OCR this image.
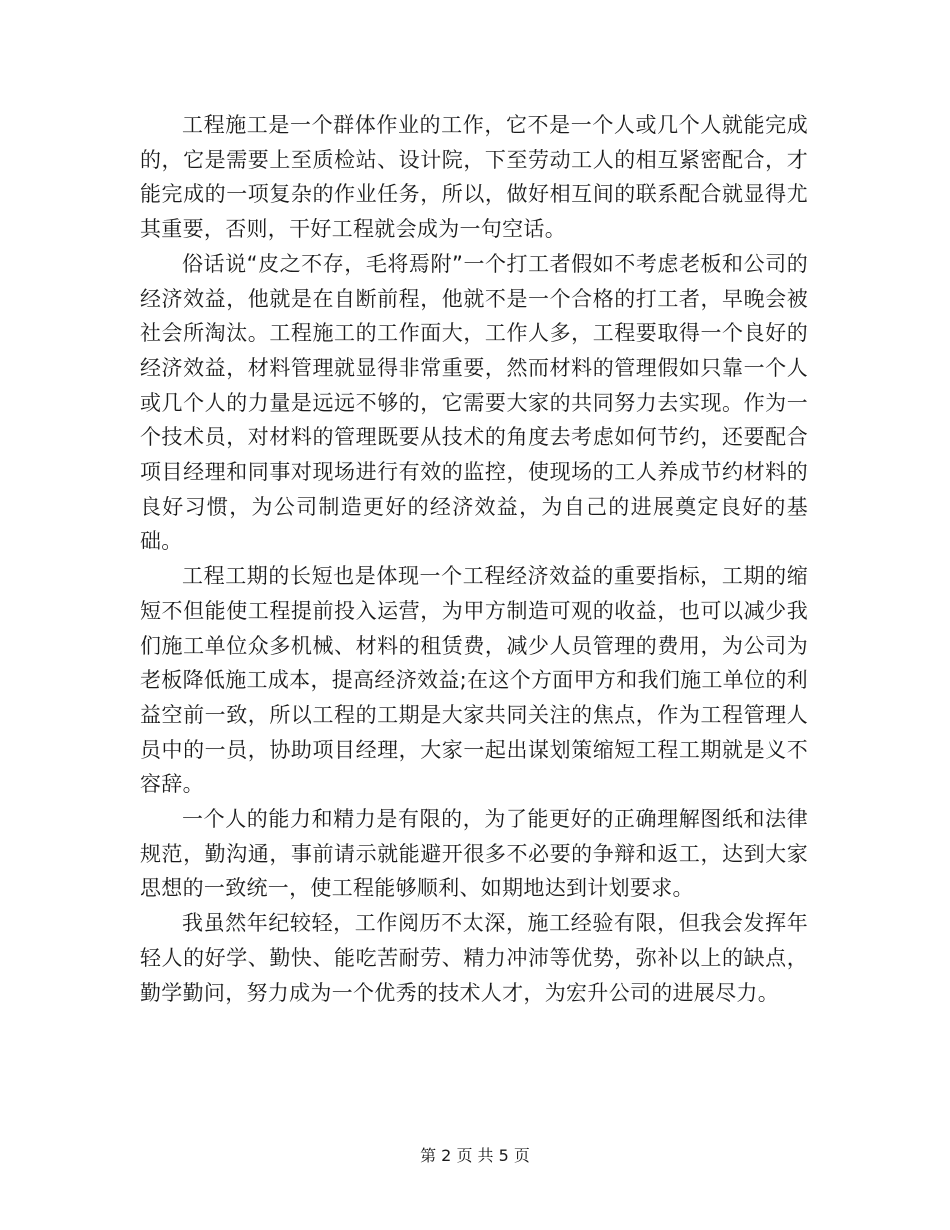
工程施工是一个群体作业的工作，它不是一个人或几个人就能完成的，它是需要上至质检站、设计院，下至劳动工人的相互紧密配合，才能完成的一项复杂的作业任务，所以，做好相互间的联系配合就显得尤其重要，否则，干好工程就会成为一句空话。

俗话说“皮之不存，毛将焉附”一个打工者假如不考虑老板和公司的经济效益，他就是在自断前程，他就不是一个合格的打工者，早晚会被社会所淘汰。工程施工的工作面大，工作人多，工程要取得一个良好的经济效益，材料管理就显得非常重要，然而材料的管理假如只靠一个人或几个人的力量是远远不够的，它需要大家的共同努力去实现。作为一个技术员，对材料的管理既要从技术的角度去考虑如何节约，还要配合项目经理和同事对现场进行有效的监控，使现场的工人养成节约材料的良好习惯，为公司制造更好的经济效益，为自己的进展奠定良好的基础。

工程工期的长短也是体现一个工程经济效益的重要指标，工期的缩短不但能使工程提前投入运营，为甲方制造可观的收益，也可以减少我们施工单位众多机械、材料的租赁费，减少人员管理的费用，为公司为老板降低施工成本，提高经济效益;在这个方面甲方和我们施工单位的利益空前一致，所以工程的工期是大家共同关注的焦点，作为工程管理人员中的一员，协助项目经理，大家一起出谋划策缩短工程工期就是义不容辞。

一个人的能力和精力是有限的，为了能更好的正确理解图纸和法律规范，勤沟通，事前请示就能避开很多不必要的争辩和返工，达到大家思想的一致统一，使工程能够顺利、如期地达到计划要求。

我虽然年纪较轻，工作阅历不太深，施工经验有限，但我会发挥年轻人的好学、勤快、能吃苦耐劳、精力冲沛等优势，弥补以上的缺点，勤学勤问，努力成为一个优秀的技术人才，为宏升公司的进展尽力。

第 2 页 共 5 页
